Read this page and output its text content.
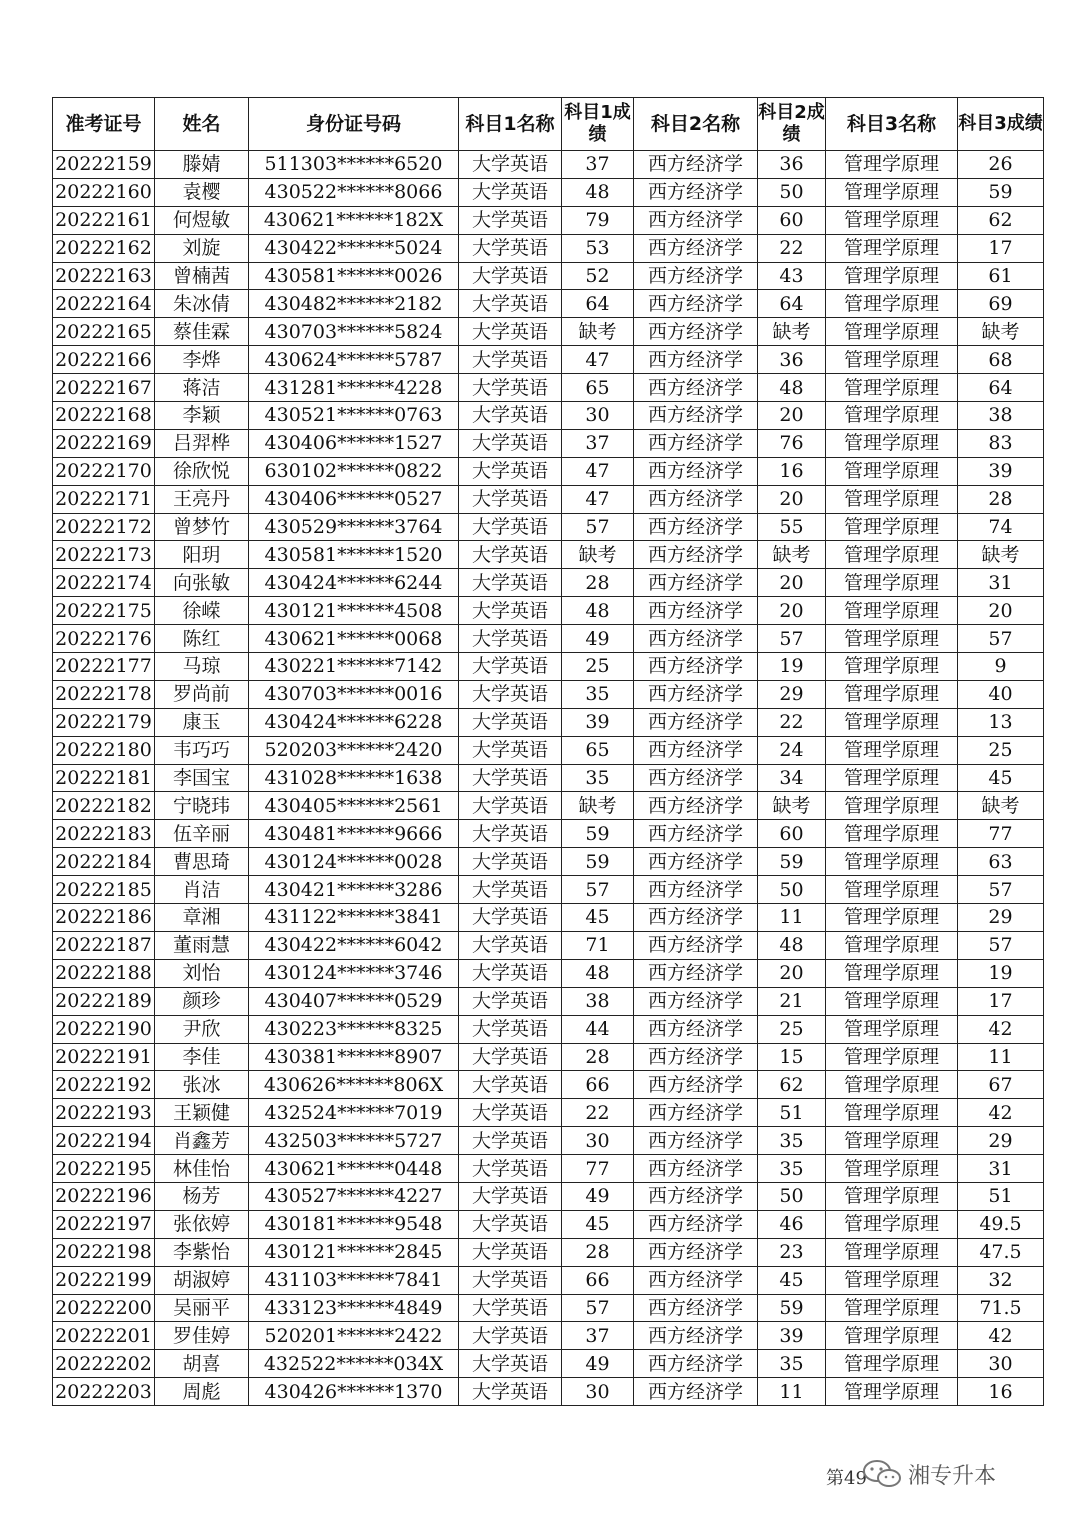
准考证号	姓名	身份证号码	科目1名称	科目1成绩	科目2名称	科目2成绩	科目3名称	科目3成绩
20222159	滕婧	511303******6520	大学英语	37	西方经济学	36	管理学原理	26
20222160	袁樱	430522******8066	大学英语	48	西方经济学	50	管理学原理	59
20222161	何煜敏	430621******182X	大学英语	79	西方经济学	60	管理学原理	62
20222162	刘旋	430422******5024	大学英语	53	西方经济学	22	管理学原理	17
20222163	曾楠茜	430581******0026	大学英语	52	西方经济学	43	管理学原理	61
20222164	朱冰倩	430482******2182	大学英语	64	西方经济学	64	管理学原理	69
20222165	蔡佳霖	430703******5824	大学英语	缺考	西方经济学	缺考	管理学原理	缺考
20222166	李烨	430624******5787	大学英语	47	西方经济学	36	管理学原理	68
20222167	蒋洁	431281******4228	大学英语	65	西方经济学	48	管理学原理	64
20222168	李颖	430521******0763	大学英语	30	西方经济学	20	管理学原理	38
20222169	吕羿桦	430406******1527	大学英语	37	西方经济学	76	管理学原理	83
20222170	徐欣悦	630102******0822	大学英语	47	西方经济学	16	管理学原理	39
20222171	王亮丹	430406******0527	大学英语	47	西方经济学	20	管理学原理	28
20222172	曾梦竹	430529******3764	大学英语	57	西方经济学	55	管理学原理	74
20222173	阳玥	430581******1520	大学英语	缺考	西方经济学	缺考	管理学原理	缺考
20222174	向张敏	430424******6244	大学英语	28	西方经济学	20	管理学原理	31
20222175	徐嵘	430121******4508	大学英语	48	西方经济学	20	管理学原理	20
20222176	陈红	430621******0068	大学英语	49	西方经济学	57	管理学原理	57
20222177	马琼	430221******7142	大学英语	25	西方经济学	19	管理学原理	9
20222178	罗尚前	430703******0016	大学英语	35	西方经济学	29	管理学原理	40
20222179	康玉	430424******6228	大学英语	39	西方经济学	22	管理学原理	13
20222180	韦巧巧	520203******2420	大学英语	65	西方经济学	24	管理学原理	25
20222181	李国宝	431028******1638	大学英语	35	西方经济学	34	管理学原理	45
20222182	宁晓玮	430405******2561	大学英语	缺考	西方经济学	缺考	管理学原理	缺考
20222183	伍辛丽	430481******9666	大学英语	59	西方经济学	60	管理学原理	77
20222184	曹思琦	430124******0028	大学英语	59	西方经济学	59	管理学原理	63
20222185	肖洁	430421******3286	大学英语	57	西方经济学	50	管理学原理	57
20222186	章湘	431122******3841	大学英语	45	西方经济学	11	管理学原理	29
20222187	董雨慧	430422******6042	大学英语	71	西方经济学	48	管理学原理	57
20222188	刘怡	430124******3746	大学英语	48	西方经济学	20	管理学原理	19
20222189	颜珍	430407******0529	大学英语	38	西方经济学	21	管理学原理	17
20222190	尹欣	430223******8325	大学英语	44	西方经济学	25	管理学原理	42
20222191	李佳	430381******8907	大学英语	28	西方经济学	15	管理学原理	11
20222192	张冰	430626******806X	大学英语	66	西方经济学	62	管理学原理	67
20222193	王颖健	432524******7019	大学英语	22	西方经济学	51	管理学原理	42
20222194	肖鑫芳	432503******5727	大学英语	30	西方经济学	35	管理学原理	29
20222195	林佳怡	430621******0448	大学英语	77	西方经济学	35	管理学原理	31
20222196	杨芳	430527******4227	大学英语	49	西方经济学	50	管理学原理	51
20222197	张依婷	430181******9548	大学英语	45	西方经济学	46	管理学原理	49.5
20222198	李紫怡	430121******2845	大学英语	28	西方经济学	23	管理学原理	47.5
20222199	胡淑婷	431103******7841	大学英语	66	西方经济学	45	管理学原理	32
20222200	吴丽平	433123******4849	大学英语	57	西方经济学	59	管理学原理	71.5
20222201	罗佳婷	520201******2422	大学英语	37	西方经济学	39	管理学原理	42
20222202	胡喜	432522******034X	大学英语	49	西方经济学	35	管理学原理	30
20222203	周彪	430426******1370	大学英语	30	西方经济学	11	管理学原理	16
第49 湘专升本
